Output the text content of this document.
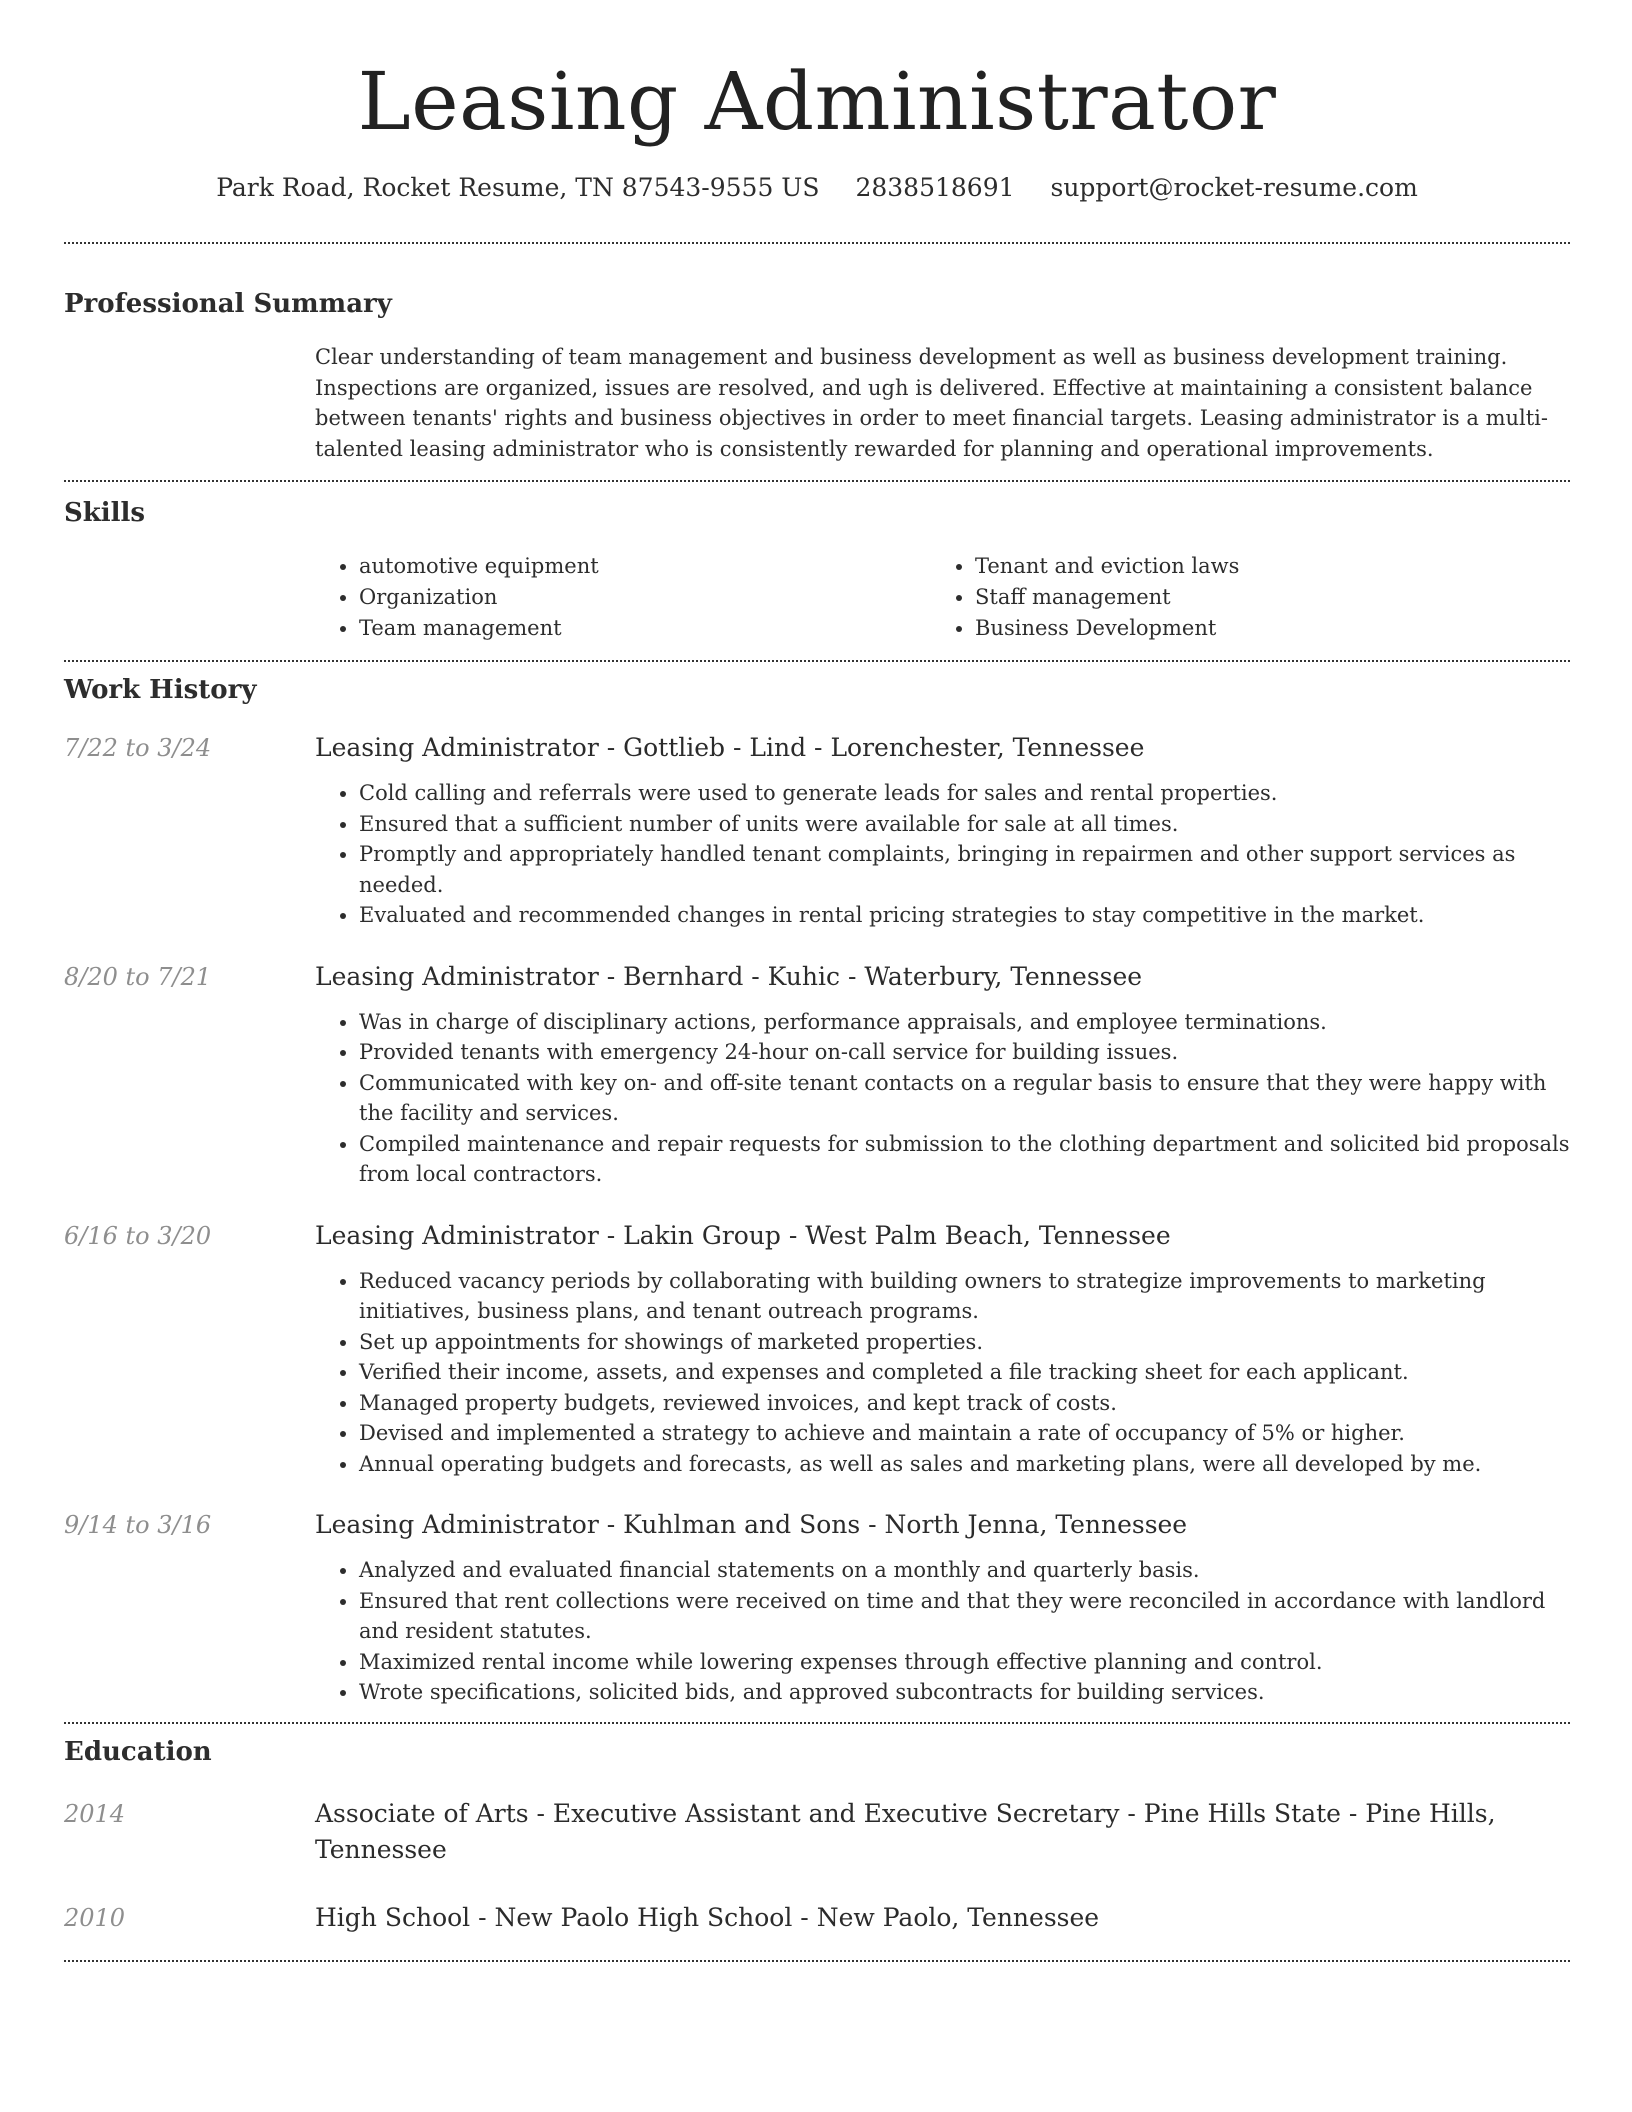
Leasing Administrator
Park Road, Rocket Resume, TN 87543-9555 US 2838518691 support@rocket-resume.com
Professional Summary

Clear understanding of team management and business development as well as business development training. Inspections are organized, issues are resolved, and ugh is delivered. Effective at maintaining a consistent balance between tenants' rights and business objectives in order to meet financial targets. Leasing administrator is a multi-talented leasing administrator who is consistently rewarded for planning and operational improvements.

Skills
• automotive equipment
• Organization
• Team management
• Tenant and eviction laws
• Staff management
• Business Development
Work History
7/22 to 3/24	Leasing Administrator - Gottlieb - Lind - Lorenchester, Tennessee
• Cold calling and referrals were used to generate leads for sales and rental properties.
• Ensured that a sufficient number of units were available for sale at all times.
• Promptly and appropriately handled tenant complaints, bringing in repairmen and other support services as needed.
• Evaluated and recommended changes in rental pricing strategies to stay competitive in the market.
8/20 to 7/21	Leasing Administrator - Bernhard - Kuhic - Waterbury, Tennessee
• Was in charge of disciplinary actions, performance appraisals, and employee terminations.
• Provided tenants with emergency 24-hour on-call service for building issues.
• Communicated with key on- and off-site tenant contacts on a regular basis to ensure that they were happy with the facility and services.
• Compiled maintenance and repair requests for submission to the clothing department and solicited bid proposals from local contractors.
6/16 to 3/20	Leasing Administrator - Lakin Group - West Palm Beach, Tennessee
• Reduced vacancy periods by collaborating with building owners to strategize improvements to marketing initiatives, business plans, and tenant outreach programs.
• Set up appointments for showings of marketed properties.
• Verified their income, assets, and expenses and completed a file tracking sheet for each applicant.
• Managed property budgets, reviewed invoices, and kept track of costs.
• Devised and implemented a strategy to achieve and maintain a rate of occupancy of 5% or higher.
• Annual operating budgets and forecasts, as well as sales and marketing plans, were all developed by me.
9/14 to 3/16	Leasing Administrator - Kuhlman and Sons - North Jenna, Tennessee
• Analyzed and evaluated financial statements on a monthly and quarterly basis.
• Ensured that rent collections were received on time and that they were reconciled in accordance with landlord and resident statutes.
• Maximized rental income while lowering expenses through effective planning and control.
• Wrote specifications, solicited bids, and approved subcontracts for building services.
Education
2014	Associate of Arts - Executive Assistant and Executive Secretary - Pine Hills State - Pine Hills, Tennessee
2010	High School - New Paolo High School - New Paolo, Tennessee
